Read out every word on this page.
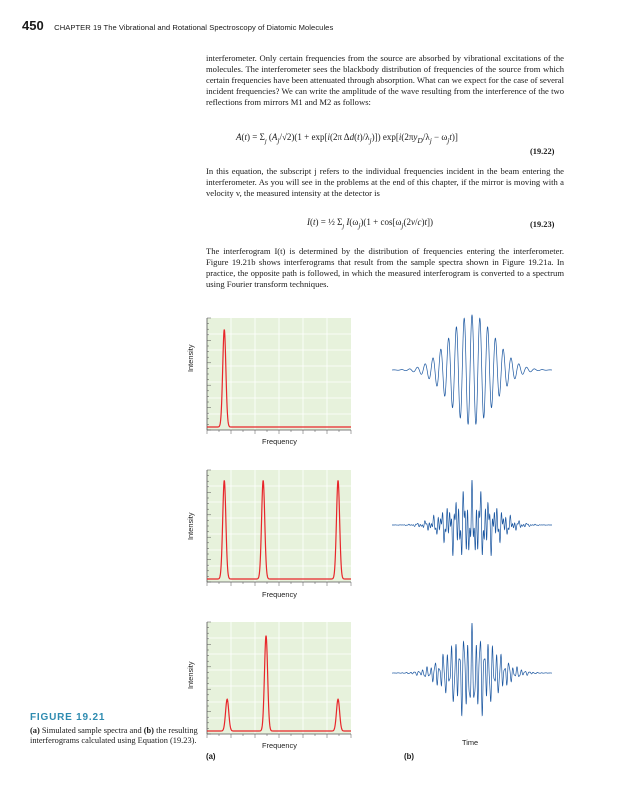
450 CHAPTER 19 The Vibrational and Rotational Spectroscopy of Diatomic Molecules
interferometer. Only certain frequencies from the source are absorbed by vibrational excitations of the molecules. The interferometer sees the blackbody distribution of frequencies of the source from which certain frequencies have been attenuated through absorption. What can we expect for the case of several incident frequencies? We can write the amplitude of the wave resulting from the interference of the two reflections from mirrors M1 and M2 as follows:
$A(t) = \Sigma_j$ $(A_j/√2)(1 + \exp[i(2\pi$ $\Delta d(t)/\lambda_j$)]) $\exp[i(2\pi y_D/\lambda_j - \omega_jt)]$
(19.22)
In this equation, the subscript j refers to the individual frequencies incident in the beam entering the interferometer. As you will see in the problems at the end of this chapter, if the mirror is moving with a velocity v, the measured intensity at the detector is
I(t) = ½ $\Sigma_j$ $I(\omega_j)(1 + \cos[\omega_j(2v/c)t])$	(19.23)
The interferogram I(t) is determined by the distribution of frequencies entering the interferometer. Figure 19.21b shows interferograms that result from the sample spectra shown in Figure 19.21a. In practice, the opposite path is followed, in which the measured interferogram is converted to a spectrum using Fourier transform techniques.
Frequency
Frequency
Frequency	Time
Intensity
Intensity
Intensity
(a)	(b)
FIGURE 19.21
(a) Simulated sample spectra and (b) the resulting interferograms calculated using Equation (19.23).
